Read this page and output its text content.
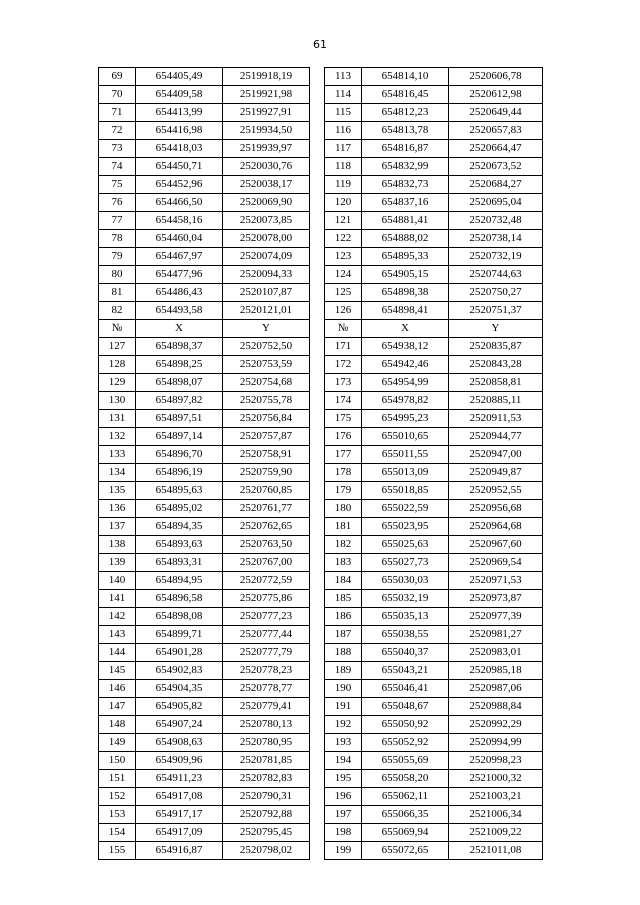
61
69	654405,49	2519918,19		113	654814,10	2520606,78
70	654409,58	2519921,98		114	654816,45	2520612,98
71	654413,99	2519927,91		115	654812,23	2520649,44
72	654416,98	2519934,50		116	654813,78	2520657,83
73	654418,03	2519939,97		117	654816,87	2520664,47
74	654450,71	2520030,76		118	654832,99	2520673,52
75	654452,96	2520038,17		119	654832,73	2520684,27
76	654466,50	2520069,90		120	654837,16	2520695,04
77	654458,16	2520073,85		121	654881,41	2520732,48
78	654460,04	2520078,00		122	654888,02	2520738,14
79	654467,97	2520074,09		123	654895,33	2520732,19
80	654477,96	2520094,33		124	654905,15	2520744,63
81	654486,43	2520107,87		125	654898,38	2520750,27
82	654493,58	2520121,01		126	654898,41	2520751,37
№	X	Y		№	X	Y
127	654898,37	2520752,50		171	654938,12	2520835,87
128	654898,25	2520753,59		172	654942,46	2520843,28
129	654898,07	2520754,68		173	654954,99	2520858,81
130	654897,82	2520755,78		174	654978,82	2520885,11
131	654897,51	2520756,84		175	654995,23	2520911,53
132	654897,14	2520757,87		176	655010,65	2520944,77
133	654896,70	2520758,91		177	655011,55	2520947,00
134	654896,19	2520759,90		178	655013,09	2520949,87
135	654895,63	2520760,85		179	655018,85	2520952,55
136	654895,02	2520761,77		180	655022,59	2520956,68
137	654894,35	2520762,65		181	655023,95	2520964,68
138	654893,63	2520763,50		182	655025,63	2520967,60
139	654893,31	2520767,00		183	655027,73	2520969,54
140	654894,95	2520772,59		184	655030,03	2520971,53
141	654896,58	2520775,86		185	655032,19	2520973,87
142	654898,08	2520777,23		186	655035,13	2520977,39
143	654899,71	2520777,44		187	655038,55	2520981,27
144	654901,28	2520777,79		188	655040,37	2520983,01
145	654902,83	2520778,23		189	655043,21	2520985,18
146	654904,35	2520778,77		190	655046,41	2520987,06
147	654905,82	2520779,41		191	655048,67	2520988,84
148	654907,24	2520780,13		192	655050,92	2520992,29
149	654908,63	2520780,95		193	655052,92	2520994,99
150	654909,96	2520781,85		194	655055,69	2520998,23
151	654911,23	2520782,83		195	655058,20	2521000,32
152	654917,08	2520790,31		196	655062,11	2521003,21
153	654917,17	2520792,88		197	655066,35	2521006,34
154	654917,09	2520795,45		198	655069,94	2521009,22
155	654916,87	2520798,02		199	655072,65	2521011,08
